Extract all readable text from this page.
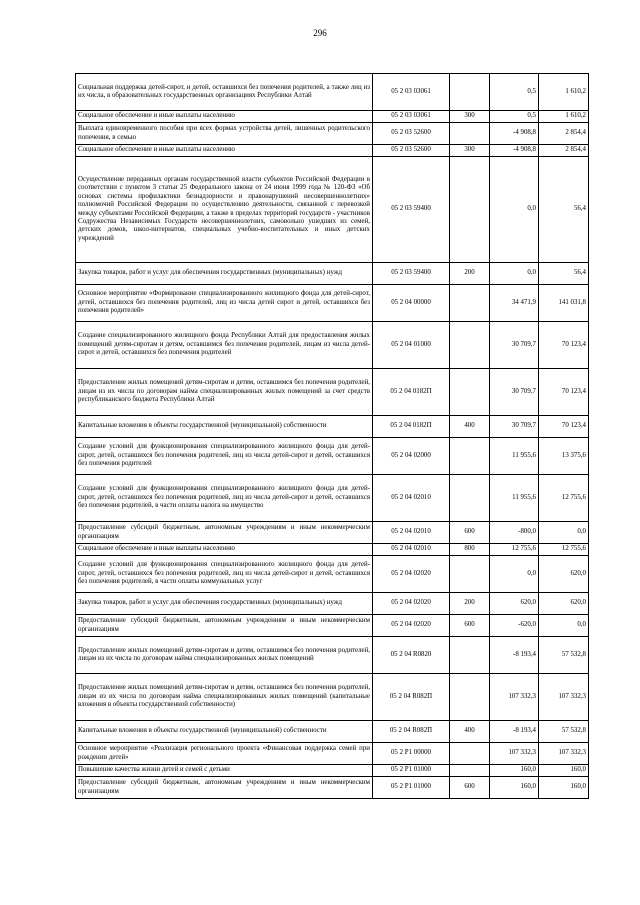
296
Социальная поддержка детей-сирот, и детей, оставшихся без попечения родителей, а также лиц из их числа, в образовательных государственных организациях Республики Алтай	05 2 03 03061		0,5	1 610,2
Социальное обеспечение и иные выплаты населению	05 2 03 03061	300	0,5	1 610,2
Выплата единовременного пособия при всех формах устройства детей, лишенных родительского попечения, в семью	05 2 03 52600		-4 908,8	2 854,4
Социальное обеспечение и иные выплаты населению	05 2 03 52600	300	-4 908,8	2 854,4
Осуществление переданных органам государственной власти субъектов Российской Федерации в соответствии с пунктом 3 статьи 25 Федерального закона от 24 июня 1999 года № 120-ФЗ «Об основах системы профилактики безнадзорности и правонарушений несовершеннолетних» полномочий Российской Федерации по осуществлению деятельности, связанной с перевозкой между субъектами Российской Федерации, а также в пределах территорий государств - участников Содружества Независимых Государств несовершеннолетних, самовольно ушедших из семей, детских домов, школ-интернатов, специальных учебно-воспитательных и иных детских учреждений	05 2 03 59400		0,0	56,4
Закупка товаров, работ и услуг для обеспечения государственных (муниципальных) нужд	05 2 03 59400	200	0,0	56,4
Основное мероприятие «Формирование специализированного жилищного фонда для детей-сирот, детей, оставшихся без попечения родителей, лиц из числа детей сирот и детей, оставшихся без попечения родителей»	05 2 04 00000		34 471,9	141 031,8
Создание специализированного жилищного фонда Республики Алтай для предоставления жилых помещений детям-сиротам и детям, оставшимся без попечения родителей, лицам из числа детей-сирот и детей, оставшихся без попечения родителей	05 2 04 01000		30 709,7	70 123,4
Предоставление жилых помещений детям-сиротам и детям, оставшимся без попечения родителей, лицам из их числа по договорам найма специализированных жилых помещений за счет средств республиканского бюджета Республики Алтай	05 2 04 0182П		30 709,7	70 123,4
Капитальные вложения в объекты государственной (муниципальной) собственности	05 2 04 0182П	400	30 709,7	70 123,4
Создание условий для функционирования специализированного жилищного фонда для детей-сирот, детей, оставшихся без попечения родителей, лиц из числа детей-сирот и детей, оставшихся без попечения родителей	05 2 04 02000		11 955,6	13 375,6
Создание условий для функционирования специализированного жилищного фонда для детей-сирот, детей, оставшихся без попечения родителей, лиц из числа детей-сирот и детей, оставшихся без попечения родителей, в части оплаты налога на имущество	05 2 04 02010		11 955,6	12 755,6
Предоставление субсидий бюджетным, автономным учреждениям и иным некоммерческим организациям	05 2 04 02010	600	-800,0	0,0
Социальное обеспечение и иные выплаты населению	05 2 04 02010	800	12 755,6	12 755,6
Создание условий для функционирования специализированного жилищного фонда для детей-сирот, детей, оставшихся без попечения родителей, лиц из числа детей-сирот и детей, оставшихся без попечения родителей, в части оплаты коммунальных услуг	05 2 04 02020		0,0	620,0
Закупка товаров, работ и услуг для обеспечения государственных (муниципальных) нужд	05 2 04 02020	200	620,0	620,0
Предоставление субсидий бюджетным, автономным учреждениям и иным некоммерческим организациям	05 2 04 02020	600	-620,0	0,0
Предоставление жилых помещений детям-сиротам и детям, оставшимся без попечения родителей, лицам из их числа по договорам найма специализированных жилых помещений	05 2 04 R0820		-8 193,4	57 532,8
Предоставление жилых помещений детям-сиротам и детям, оставшимся без попечения родителей, лицам из их числа по договорам найма специализированных жилых помещений (капитальные вложения в объекты государственной собственности)	05 2 04 R082П		107 332,3	107 332,3
Капитальные вложения в объекты государственной (муниципальной) собственности	05 2 04 R082П	400	-8 193,4	57 532,8
Основное мероприятие «Реализация регионального проекта «Финансовая поддержка семей при рождении детей»	05 2 P1 00000		107 332,3	107 332,3
Повышение качества жизни детей и семей с детьми	05 2 P1 01000		160,0	160,0
Предоставление субсидий бюджетным, автономным учреждениям и иным некоммерческим организациям	05 2 P1 01000	600	160,0	160,0
